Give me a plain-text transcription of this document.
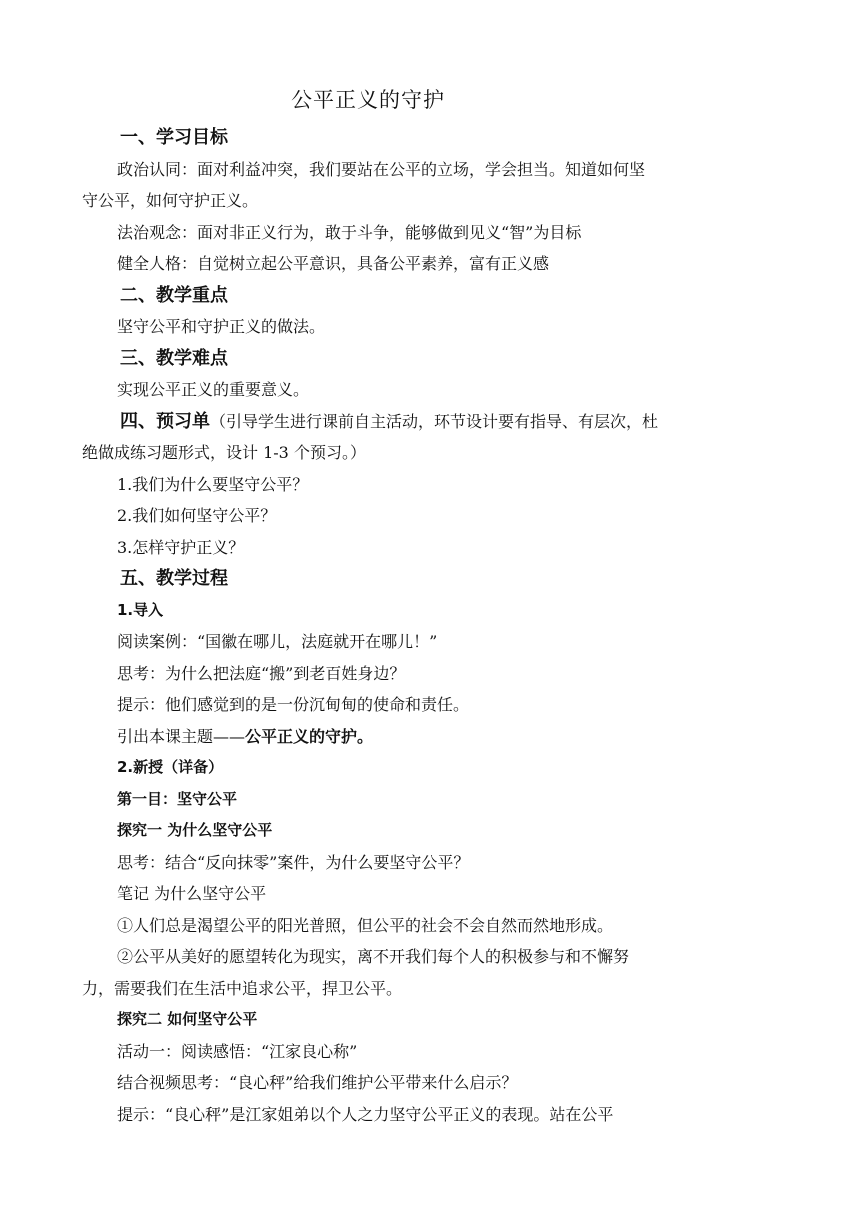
公平正义的守护

一、学习目标

政治认同：面对利益冲突，我们要站在公平的立场，学会担当。知道如何坚守公平，如何守护正义。

法治观念：面对非正义行为，敢于斗争，能够做到见义“智”为目标

健全人格：自觉树立起公平意识，具备公平素养，富有正义感

二、教学重点

坚守公平和守护正义的做法。

三、教学难点

实现公平正义的重要意义。

四、预习单（引导学生进行课前自主活动，环节设计要有指导、有层次，杜绝做成练习题形式，设计 1-3 个预习。）

1.我们为什么要坚守公平？

2.我们如何坚守公平？

3.怎样守护正义？

五、教学过程

1.导入

阅读案例：“国徽在哪儿，法庭就开在哪儿！”

思考：为什么把法庭“搬”到老百姓身边？

提示：他们感觉到的是一份沉甸甸的使命和责任。

引出本课主题——公平正义的守护。

2.新授（详备）

第一目：坚守公平

探究一 为什么坚守公平

思考：结合“反向抹零”案件，为什么要坚守公平？

笔记 为什么坚守公平

①人们总是渴望公平的阳光普照，但公平的社会不会自然而然地形成。

②公平从美好的愿望转化为现实，离不开我们每个人的积极参与和不懈努力，需要我们在生活中追求公平，捍卫公平。

探究二 如何坚守公平

活动一：阅读感悟：“江家良心称”

结合视频思考：“良心秤”给我们维护公平带来什么启示？

提示：“良心秤”是江家姐弟以个人之力坚守公平正义的表现。站在公平
